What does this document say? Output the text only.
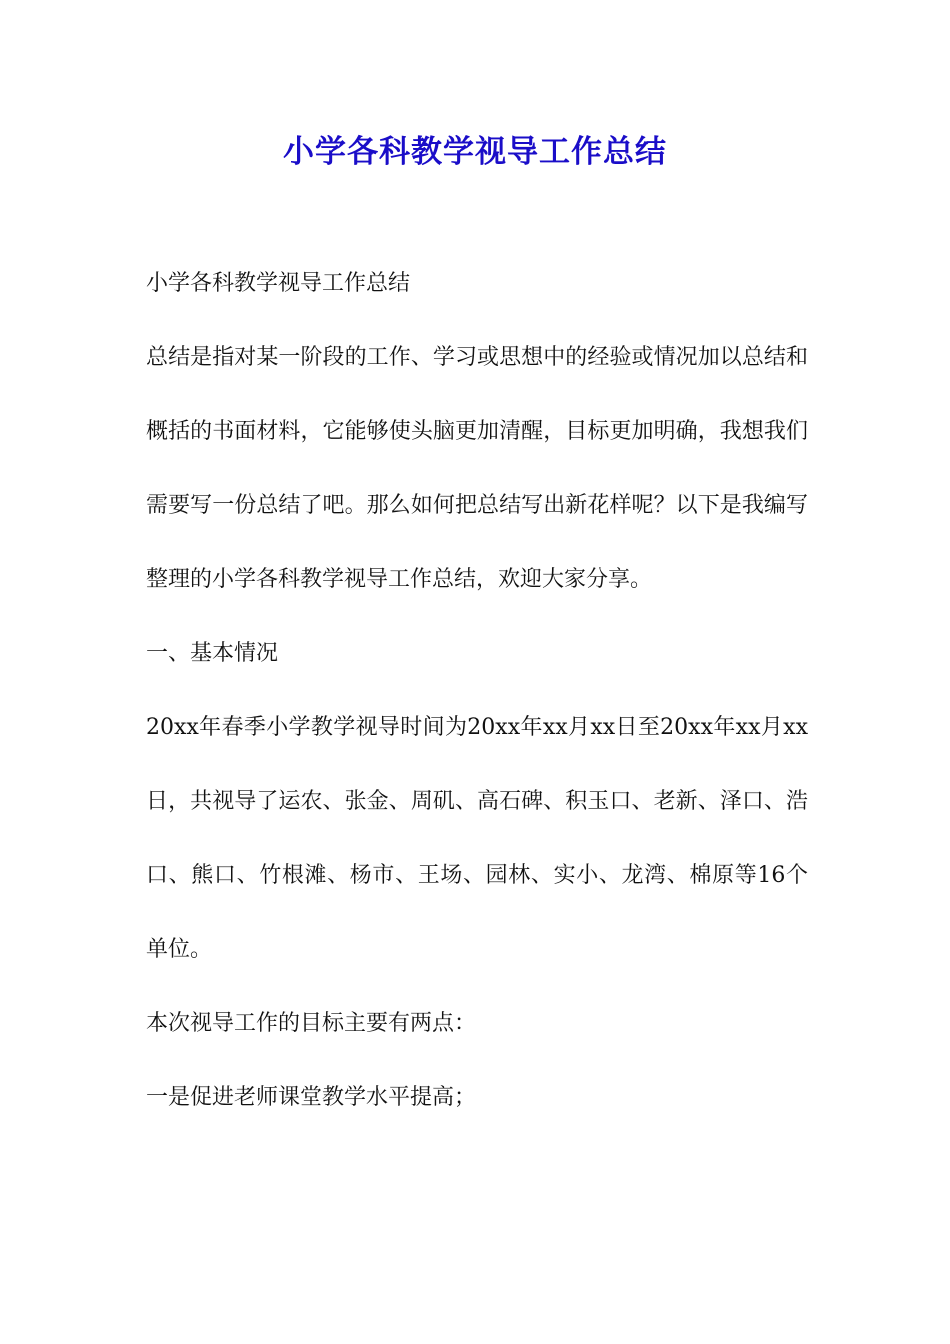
小学各科教学视导工作总结

小学各科教学视导工作总结

总结是指对某一阶段的工作、学习或思想中的经验或情况加以总结和概括的书面材料，它能够使头脑更加清醒，目标更加明确，我想我们需要写一份总结了吧。那么如何把总结写出新花样呢？以下是我编写整理的小学各科教学视导工作总结，欢迎大家分享。

一、基本情况

20xx年春季小学教学视导时间为20xx年xx月xx日至20xx年xx月xx日，共视导了运农、张金、周矶、高石碑、积玉口、老新、泽口、浩口、熊口、竹根滩、杨市、王场、园林、实小、龙湾、棉原等16个单位。

本次视导工作的目标主要有两点：

一是促进老师课堂教学水平提高；
